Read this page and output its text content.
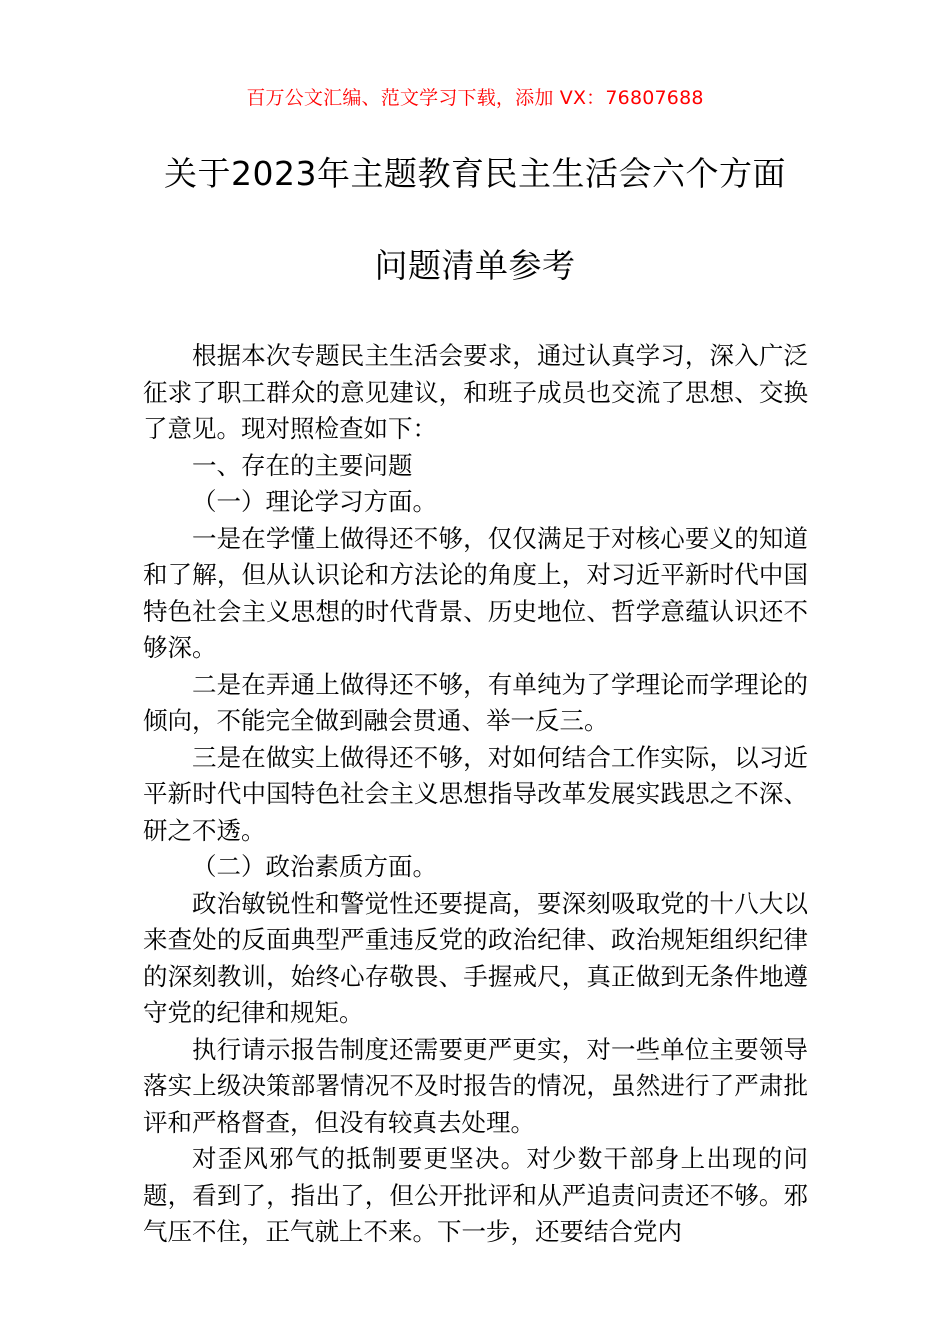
百万公文汇编、范文学习下载，添加 VX：76807688
关于2023年主题教育民主生活会六个方面
问题清单参考

根据本次专题民主生活会要求，通过认真学习，深入广泛征求了职工群众的意见建议，和班子成员也交流了思想、交换了意见。现对照检查如下：

一、存在的主要问题

（一）理论学习方面。

一是在学懂上做得还不够，仅仅满足于对核心要义的知道和了解，但从认识论和方法论的角度上，对习近平新时代中国特色社会主义思想的时代背景、历史地位、哲学意蕴认识还不够深。

二是在弄通上做得还不够，有单纯为了学理论而学理论的倾向，不能完全做到融会贯通、举一反三。

三是在做实上做得还不够，对如何结合工作实际，以习近平新时代中国特色社会主义思想指导改革发展实践思之不深、研之不透。

（二）政治素质方面。

政治敏锐性和警觉性还要提高，要深刻吸取党的十八大以来查处的反面典型严重违反党的政治纪律、政治规矩组织纪律的深刻教训，始终心存敬畏、手握戒尺，真正做到无条件地遵守党的纪律和规矩。

执行请示报告制度还需要更严更实，对一些单位主要领导落实上级决策部署情况不及时报告的情况，虽然进行了严肃批评和严格督查，但没有较真去处理。

对歪风邪气的抵制要更坚决。对少数干部身上出现的问题，看到了，指出了，但公开批评和从严追责问责还不够。邪气压不住，正气就上不来。下一步，还要结合党内
